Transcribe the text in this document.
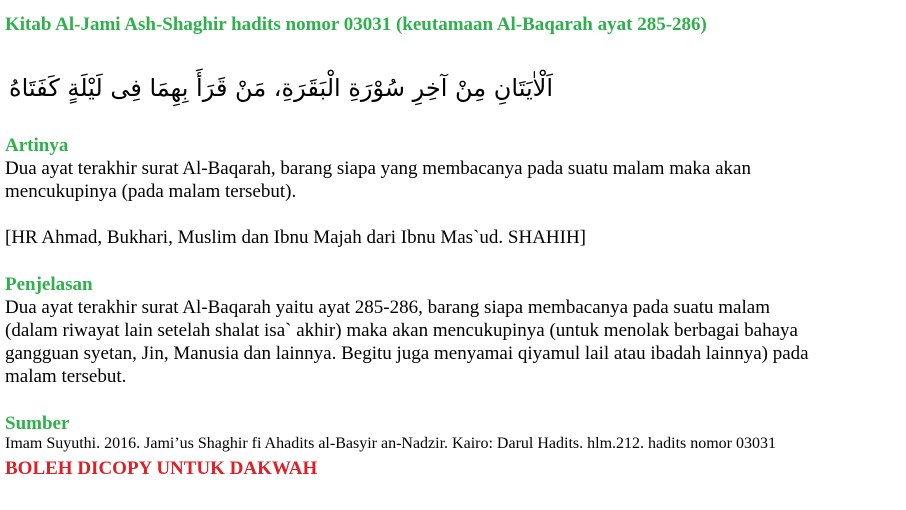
Kitab Al-Jami Ash-Shaghir hadits nomor 03031 (keutamaan Al-Baqarah ayat 285-286)
اَلْاٰيَتَانِ مِنْ آخِرِ سُوْرَةِ الْبَقَرَةِ، مَنْ قَرَأَ بِهِمَا فِى لَيْلَةٍ كَفَتَاهُ
Artinya
Dua ayat terakhir surat Al-Baqarah, barang siapa yang membacanya pada suatu malam maka akan
mencukupinya (pada malam tersebut).
[HR Ahmad, Bukhari, Muslim dan Ibnu Majah dari Ibnu Mas`ud. SHAHIH]
Penjelasan
Dua ayat terakhir surat Al-Baqarah yaitu ayat 285-286, barang siapa membacanya pada suatu malam
(dalam riwayat lain setelah shalat isa` akhir) maka akan mencukupinya (untuk menolak berbagai bahaya
gangguan syetan, Jin, Manusia dan lainnya. Begitu juga menyamai qiyamul lail atau ibadah lainnya) pada
malam tersebut.
Sumber
Imam Suyuthi. 2016. Jami’us Shaghir fi Ahadits al-Basyir an-Nadzir. Kairo: Darul Hadits. hlm.212. hadits nomor 03031
BOLEH DICOPY UNTUK DAKWAH
